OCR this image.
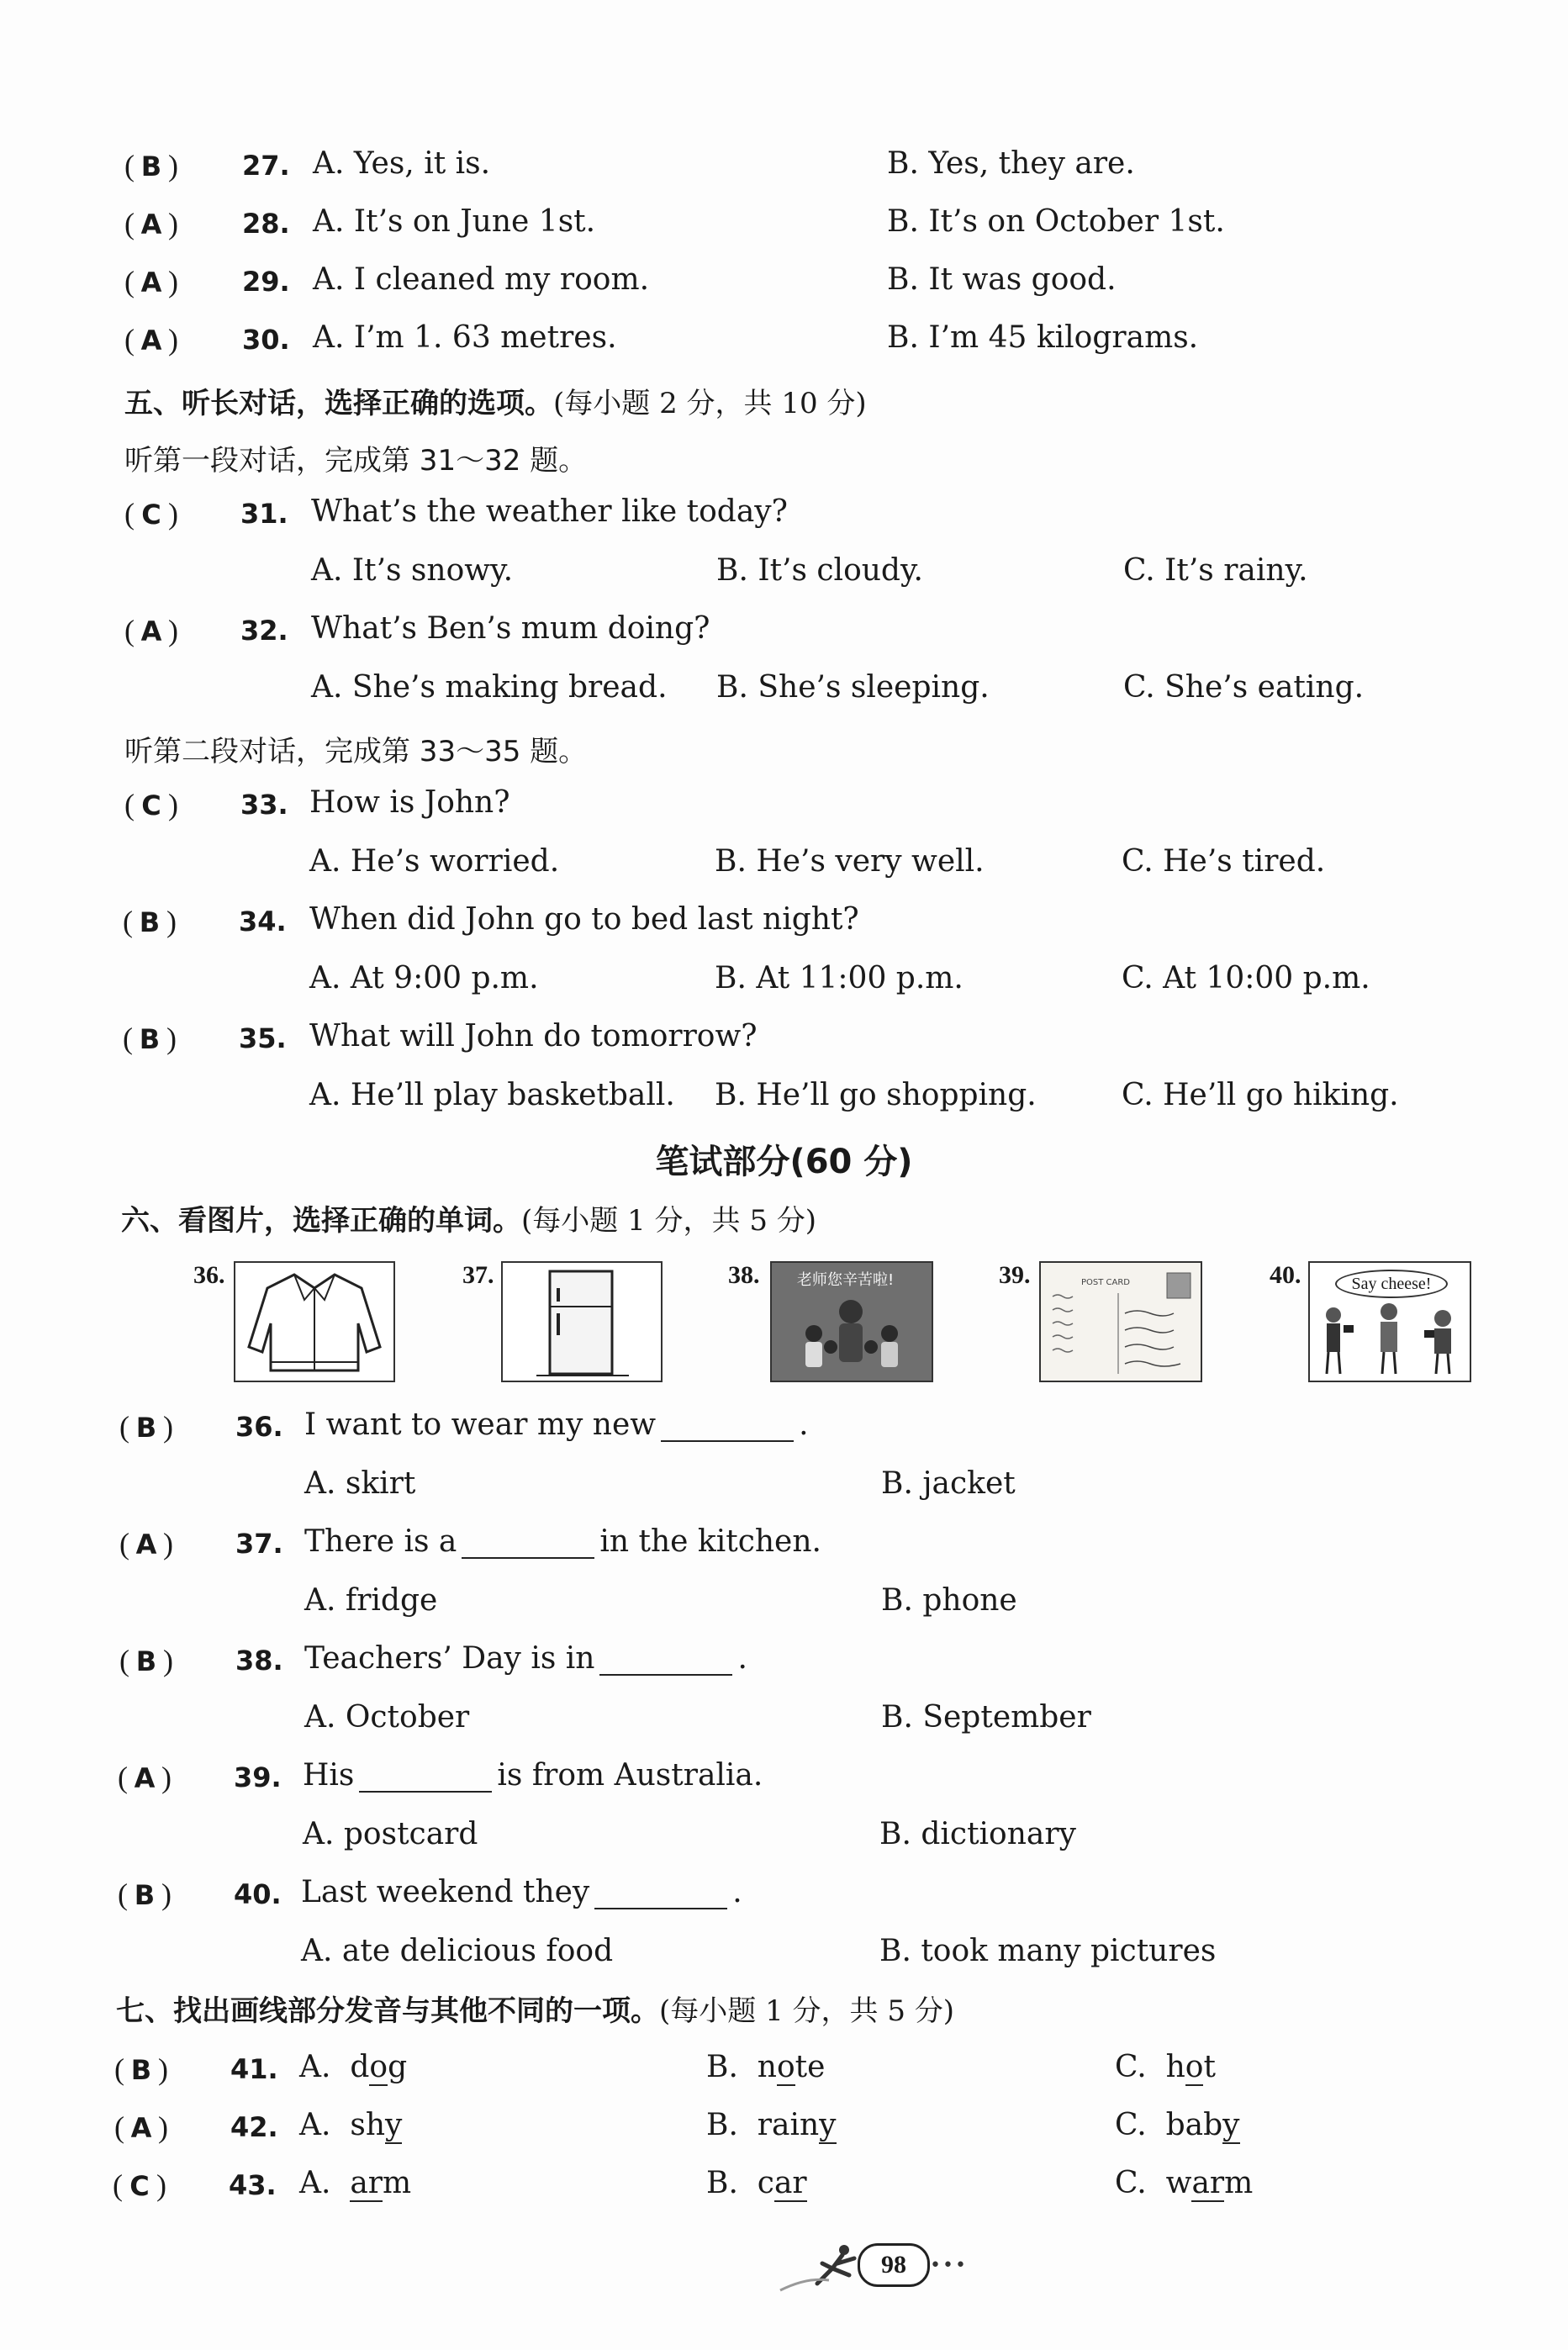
( B ) 27. A. Yes, it is.	B. Yes, they are.
( A ) 28. A. It’s on June 1st.	B. It’s on October 1st.
( A ) 29. A. I cleaned my room.	B. It was good.
( A ) 30. A. I’m 1. 63 metres.	B. I’m 45 kilograms.
五、听长对话，选择正确的选项。(每小题 2 分，共 10 分)
听第一段对话，完成第 31～32 题。
( C ) 31. What’s the weather like today?
A. It’s snowy.	B. It’s cloudy.	C. It’s rainy.
( A ) 32. What’s Ben’s mum doing?
A. She’s making bread. B. She’s sleeping.	C. She’s eating.
听第二段对话，完成第 33～35 题。
( C ) 33. How is John?
A. He’s worried.	B. He’s very well.	C. He’s tired.
( B ) 34. When did John go to bed last night?
A. At 9:00 p.m.	B. At 11:00 p.m.	C. At 10:00 p.m.
( B ) 35. What will John do tomorrow?
A. He’ll play basketball. B. He’ll go shopping.	C. He’ll go hiking.
笔试部分(60 分)
六、看图片，选择正确的单词。(每小题 1 分，共 5 分)
36.	37.	38. 老师您辛苦啦!	39.	POST CARD	40.	Say cheese!
( B ) 36. I want to wear my new	.
A. skirt	B. jacket
( A ) 37. There is a	in the kitchen.
A. fridge	B. phone
( B ) 38. Teachers’ Day is in	.
A. October	B. September
( A ) 39. His	is from Australia.
A. postcard	B. dictionary
( B ) 40. Last weekend they	.
A. ate delicious food	B. took many pictures
七、找出画线部分发音与其他不同的一项。(每小题 1 分，共 5 分)
( B ) 41. A. dog	B. note	C. hot
( A ) 42. A. shy	B. rainy	C. baby
( C ) 43. A. arm	B. car	C. warm
98	•••
